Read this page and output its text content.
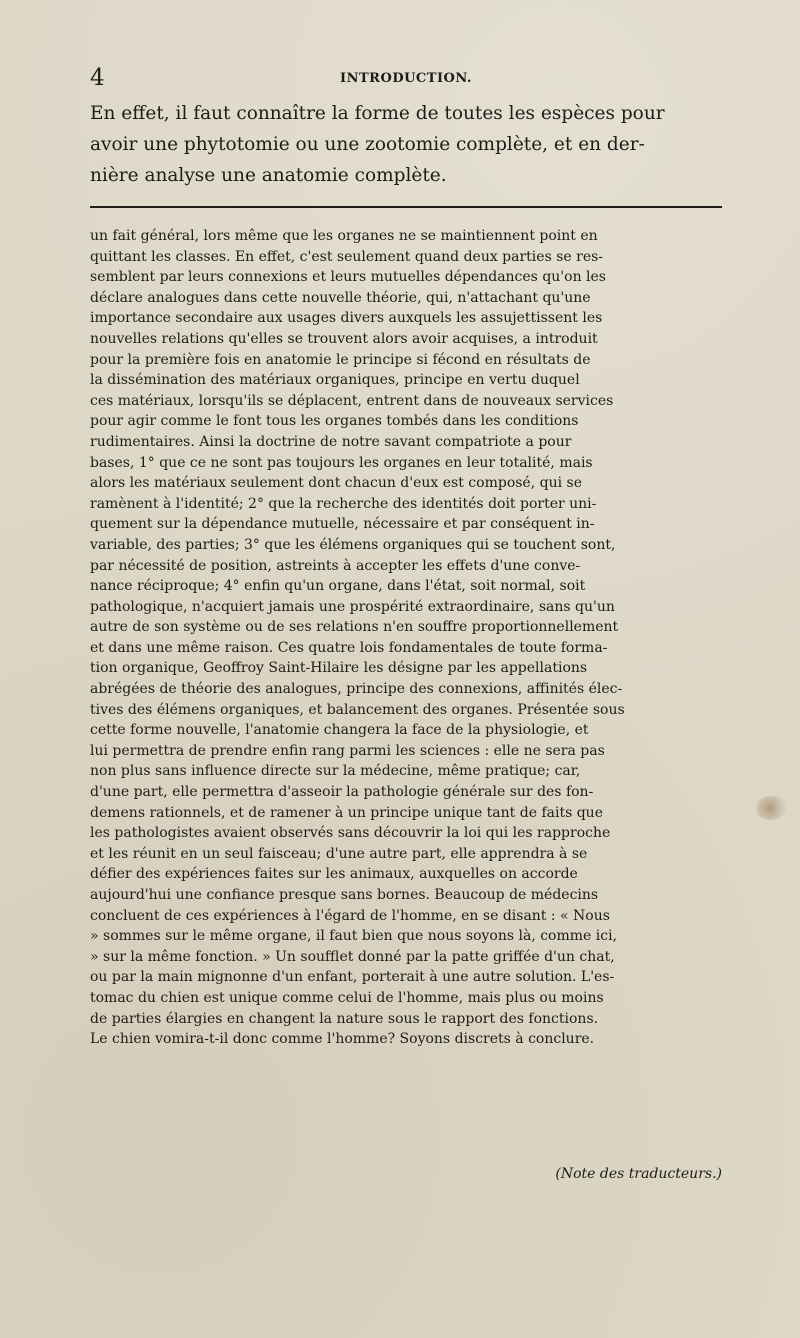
4	INTRODUCTION.

En effet, il faut connaître la forme de toutes les espèces pour
avoir une phytotomie ou une zootomie complète, et en der-
nière analyse une anatomie complète.

un fait général, lors même que les organes ne se maintiennent point en
quittant les classes. En effet, c'est seulement quand deux parties se res-
semblent par leurs connexions et leurs mutuelles dépendances qu'on les
déclare analogues dans cette nouvelle théorie, qui, n'attachant qu'une
importance secondaire aux usages divers auxquels les assujettissent les
nouvelles relations qu'elles se trouvent alors avoir acquises, a introduit
pour la première fois en anatomie le principe si fécond en résultats de
la dissémination des matériaux organiques, principe en vertu duquel
ces matériaux, lorsqu'ils se déplacent, entrent dans de nouveaux services
pour agir comme le font tous les organes tombés dans les conditions
rudimentaires. Ainsi la doctrine de notre savant compatriote a pour
bases, 1° que ce ne sont pas toujours les organes en leur totalité, mais
alors les matériaux seulement dont chacun d'eux est composé, qui se
ramènent à l'identité; 2° que la recherche des identités doit porter uni-
quement sur la dépendance mutuelle, nécessaire et par conséquent in-
variable, des parties; 3° que les élémens organiques qui se touchent sont,
par nécessité de position, astreints à accepter les effets d'une conve-
nance réciproque; 4° enfin qu'un organe, dans l'état, soit normal, soit
pathologique, n'acquiert jamais une prospérité extraordinaire, sans qu'un
autre de son système ou de ses relations n'en souffre proportionnellement
et dans une même raison. Ces quatre lois fondamentales de toute forma-
tion organique, Geoffroy Saint-Hilaire les désigne par les appellations
abrégées de théorie des analogues, principe des connexions, affinités élec-
tives des élémens organiques, et balancement des organes. Présentée sous
cette forme nouvelle, l'anatomie changera la face de la physiologie, et
lui permettra de prendre enfin rang parmi les sciences : elle ne sera pas
non plus sans influence directe sur la médecine, même pratique; car,
d'une part, elle permettra d'asseoir la pathologie générale sur des fon-
demens rationnels, et de ramener à un principe unique tant de faits que
les pathologistes avaient observés sans découvrir la loi qui les rapproche
et les réunit en un seul faisceau; d'une autre part, elle apprendra à se
défier des expériences faites sur les animaux, auxquelles on accorde
aujourd'hui une confiance presque sans bornes. Beaucoup de médecins
concluent de ces expériences à l'égard de l'homme, en se disant : « Nous
» sommes sur le même organe, il faut bien que nous soyons là, comme ici,
» sur la même fonction. » Un soufflet donné par la patte griffée d'un chat,
ou par la main mignonne d'un enfant, porterait à une autre solution. L'es-
tomac du chien est unique comme celui de l'homme, mais plus ou moins
de parties élargies en changent la nature sous le rapport des fonctions.
Le chien vomira-t-il donc comme l'homme? Soyons discrets à conclure.

(Note des traducteurs.)
